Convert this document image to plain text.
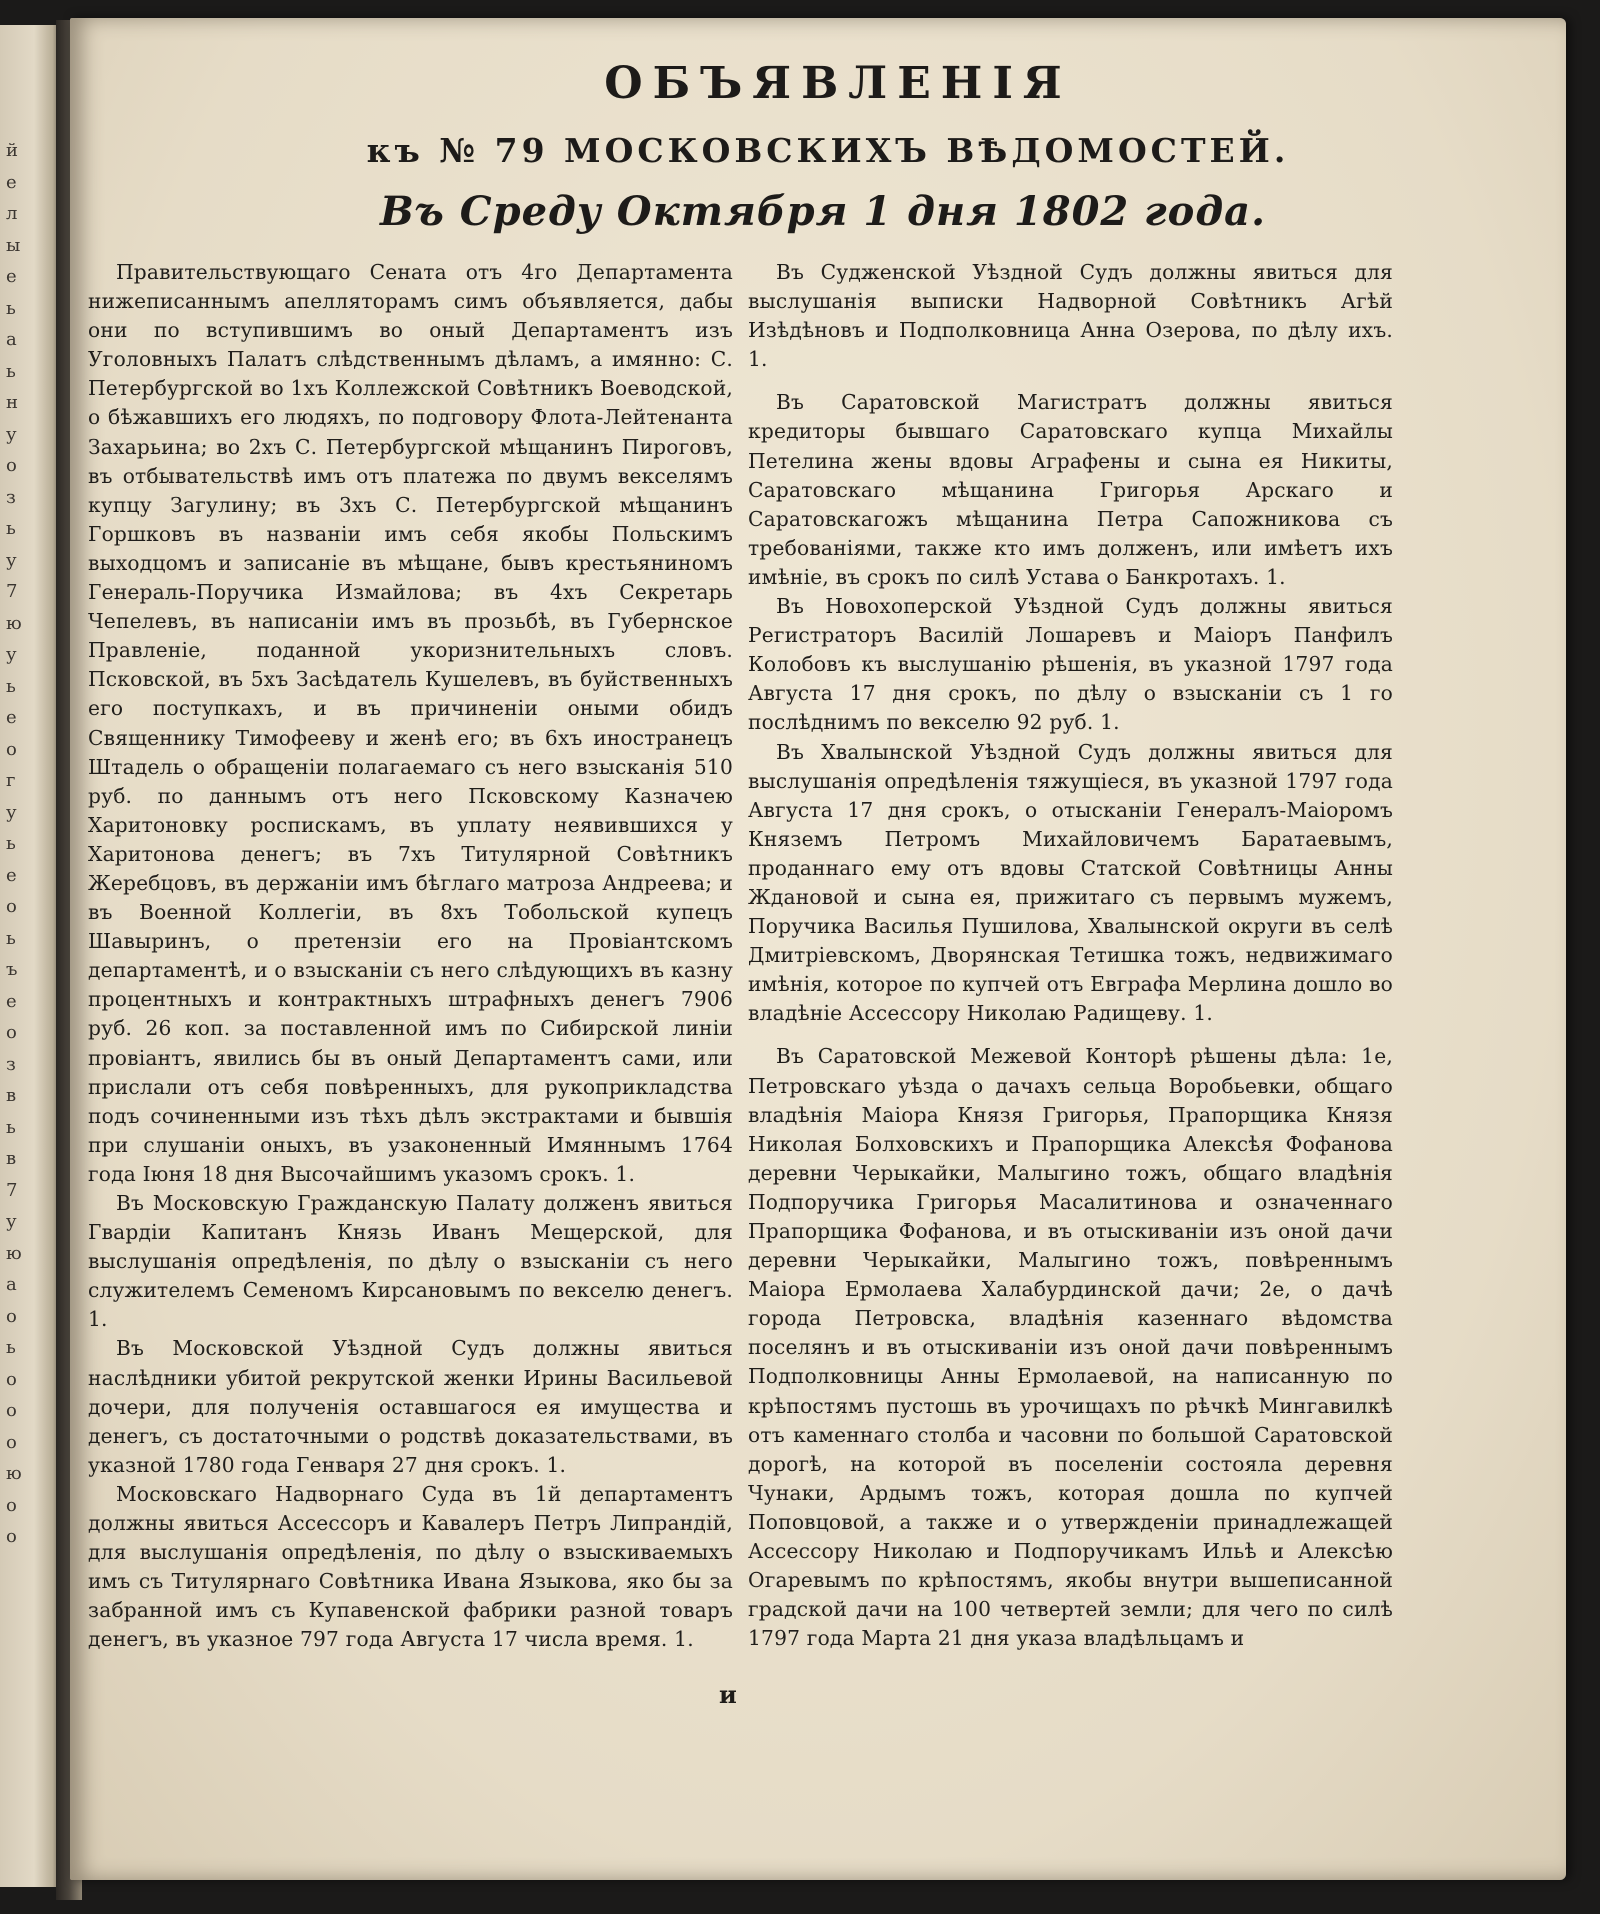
й
е
л
ы
е
ь
а
ь
н
у
о
з
ь
у
7
ю
у
ь
е
о
г
у
ь
е
о
ь
ъ
е
о
з
в
ь
в
7
у
ю
а
о
ь
о
о
о
ю
о
о
ОБЪЯВЛЕНІЯ
къ № 79 МОСКОВСКИХЪ ВѢДОМОСТЕЙ.
Въ Среду Октября 1 дня 1802 года.

Правительствующаго Сената отъ 4го Департамента нижеписаннымъ апелляторамъ симъ объявляется, дабы они по вступившимъ во оный Департаментъ изъ Уголовныхъ Палатъ слѣдственнымъ дѣламъ, а имянно: С. Петербургской во 1хъ Коллежской Совѣтникъ Воеводской, о бѣжавшихъ его людяхъ, по подговору Флота-Лейтенанта Захарьина; во 2хъ С. Петербургской мѣщанинъ Пироговъ, въ отбывательствѣ имъ отъ платежа по двумъ векселямъ купцу Загулину; въ 3хъ С. Петербургской мѣщанинъ Горшковъ въ названіи имъ себя якобы Польскимъ выходцомъ и записаніе въ мѣщане, бывъ крестьяниномъ Генераль-Поручика Измайлова; въ 4хъ Секретарь Чепелевъ, въ написаніи имъ въ прозьбѣ, въ Губернское Правленіе, поданной укоризнительныхъ словъ. Псковской, въ 5хъ Засѣдатель Кушелевъ, въ буйственныхъ его поступкахъ, и въ причиненіи оными обидъ Священнику Тимофееву и женѣ его; въ 6хъ иностранецъ Штадель о обращеніи полагаемаго съ него взысканія 510 руб. по даннымъ отъ него Псковскому Казначею Харитоновку роспискамъ, въ уплату неявившихся у Харитонова денегъ; въ 7хъ Титулярной Совѣтникъ Жеребцовъ, въ держаніи имъ бѣглаго матроза Андреева; и въ Военной Коллегіи, въ 8хъ Тобольской купецъ Шавыринъ, о претензіи его на Провіантскомъ департаментѣ, и о взысканіи съ него слѣдующихъ въ казну процентныхъ и контрактныхъ штрафныхъ денегъ 7906 руб. 26 коп. за поставленной имъ по Сибирской линіи провіантъ, явились бы въ оный Департаментъ сами, или прислали отъ себя повѣренныхъ, для рукоприкладства подъ сочиненными изъ тѣхъ дѣлъ экстрактами и бывшія при слушаніи оныхъ, въ узаконенный Имяннымъ 1764 года Іюня 18 дня Высочайшимъ указомъ срокъ. 1.

Въ Московскую Гражданскую Палату долженъ явиться Гвардіи Капитанъ Князь Иванъ Мещерской, для выслушанія опредѣленія, по дѣлу о взысканіи съ него служителемъ Семеномъ Кирсановымъ по векселю денегъ. 1.

Въ Московской Уѣздной Судъ должны явиться наслѣдники убитой рекрутской женки Ирины Васильевой дочери, для полученія оставшагося ея имущества и денегъ, съ достаточными о родствѣ доказательствами, въ указной 1780 года Генваря 27 дня срокъ. 1.

Московскаго Надворнаго Суда въ 1й департаментъ должны явиться Ассессоръ и Кавалеръ Петръ Липрандій, для выслушанія опредѣленія, по дѣлу о взыскиваемыхъ имъ съ Титулярнаго Совѣтника Ивана Языкова, яко бы за забранной имъ съ Купавенской фабрики разной товаръ денегъ, въ указное 797 года Августа 17 числа время. 1.

Въ Судженской Уѣздной Судъ должны явиться для выслушанія выписки Надворной Совѣтникъ Агѣй Изѣдѣновъ и Подполковница Анна Озерова, по дѣлу ихъ. 1.

Въ Саратовской Магистратъ должны явиться кредиторы бывшаго Саратовскаго купца Михайлы Петелина жены вдовы Аграфены и сына ея Никиты, Саратовскаго мѣщанина Григорья Арскаго и Саратовскагожъ мѣщанина Петра Сапожникова съ требованіями, также кто имъ долженъ, или имѣетъ ихъ имѣніе, въ срокъ по силѣ Устава о Банкротахъ. 1.

Въ Новохоперской Уѣздной Судъ должны явиться Регистраторъ Василій Лошаревъ и Маіоръ Панфилъ Колобовъ къ выслушанію рѣшенія, въ указной 1797 года Августа 17 дня срокъ, по дѣлу о взысканіи съ 1 го послѣднимъ по векселю 92 руб. 1.

Въ Хвалынской Уѣздной Судъ должны явиться для выслушанія опредѣленія тяжущіеся, въ указной 1797 года Августа 17 дня срокъ, о отысканіи Генералъ-Маіоромъ Княземъ Петромъ Михайловичемъ Баратаевымъ, проданнаго ему отъ вдовы Статской Совѣтницы Анны Ждановой и сына ея, прижитаго съ первымъ мужемъ, Поручика Василья Пушилова, Хвалынской округи въ селѣ Дмитріевскомъ, Дворянская Тетишка тожъ, недвижимаго имѣнія, которое по купчей отъ Евграфа Мерлина дошло во владѣніе Ассессору Николаю Радищеву. 1.

Въ Саратовской Межевой Конторѣ рѣшены дѣла: 1е, Петровскаго уѣзда о дачахъ сельца Воробьевки, общаго владѣнія Маіора Князя Григорья, Прапорщика Князя Николая Болховскихъ и Прапорщика Алексѣя Фофанова деревни Черыкайки, Малыгино тожъ, общаго владѣнія Подпоручика Григорья Масалитинова и означеннаго Прапорщика Фофанова, и въ отыскиваніи изъ оной дачи деревни Черыкайки, Малыгино тожъ, повѣреннымъ Маіора Ермолаева Халабурдинской дачи; 2е, о дачѣ города Петровска, владѣнія казеннаго вѣдомства поселянъ и въ отыскиваніи изъ оной дачи повѣреннымъ Подполковницы Анны Ермолаевой, на написанную по крѣпостямъ пустошь въ урочищахъ по рѣчкѣ Мингавилкѣ отъ каменнаго столба и часовни по большой Саратовской дорогѣ, на которой въ поселеніи состояла деревня Чунаки, Ардымъ тожъ, которая дошла по купчей Поповцовой, а также и о утвержденіи принадлежащей Ассессору Николаю и Подпоручикамъ Ильѣ и Алексѣю Огаревымъ по крѣпостямъ, якобы внутри вышеписанной градской дачи на 100 четвертей земли; для чего по силѣ 1797 года Марта 21 дня указа владѣльцамъ и

и
